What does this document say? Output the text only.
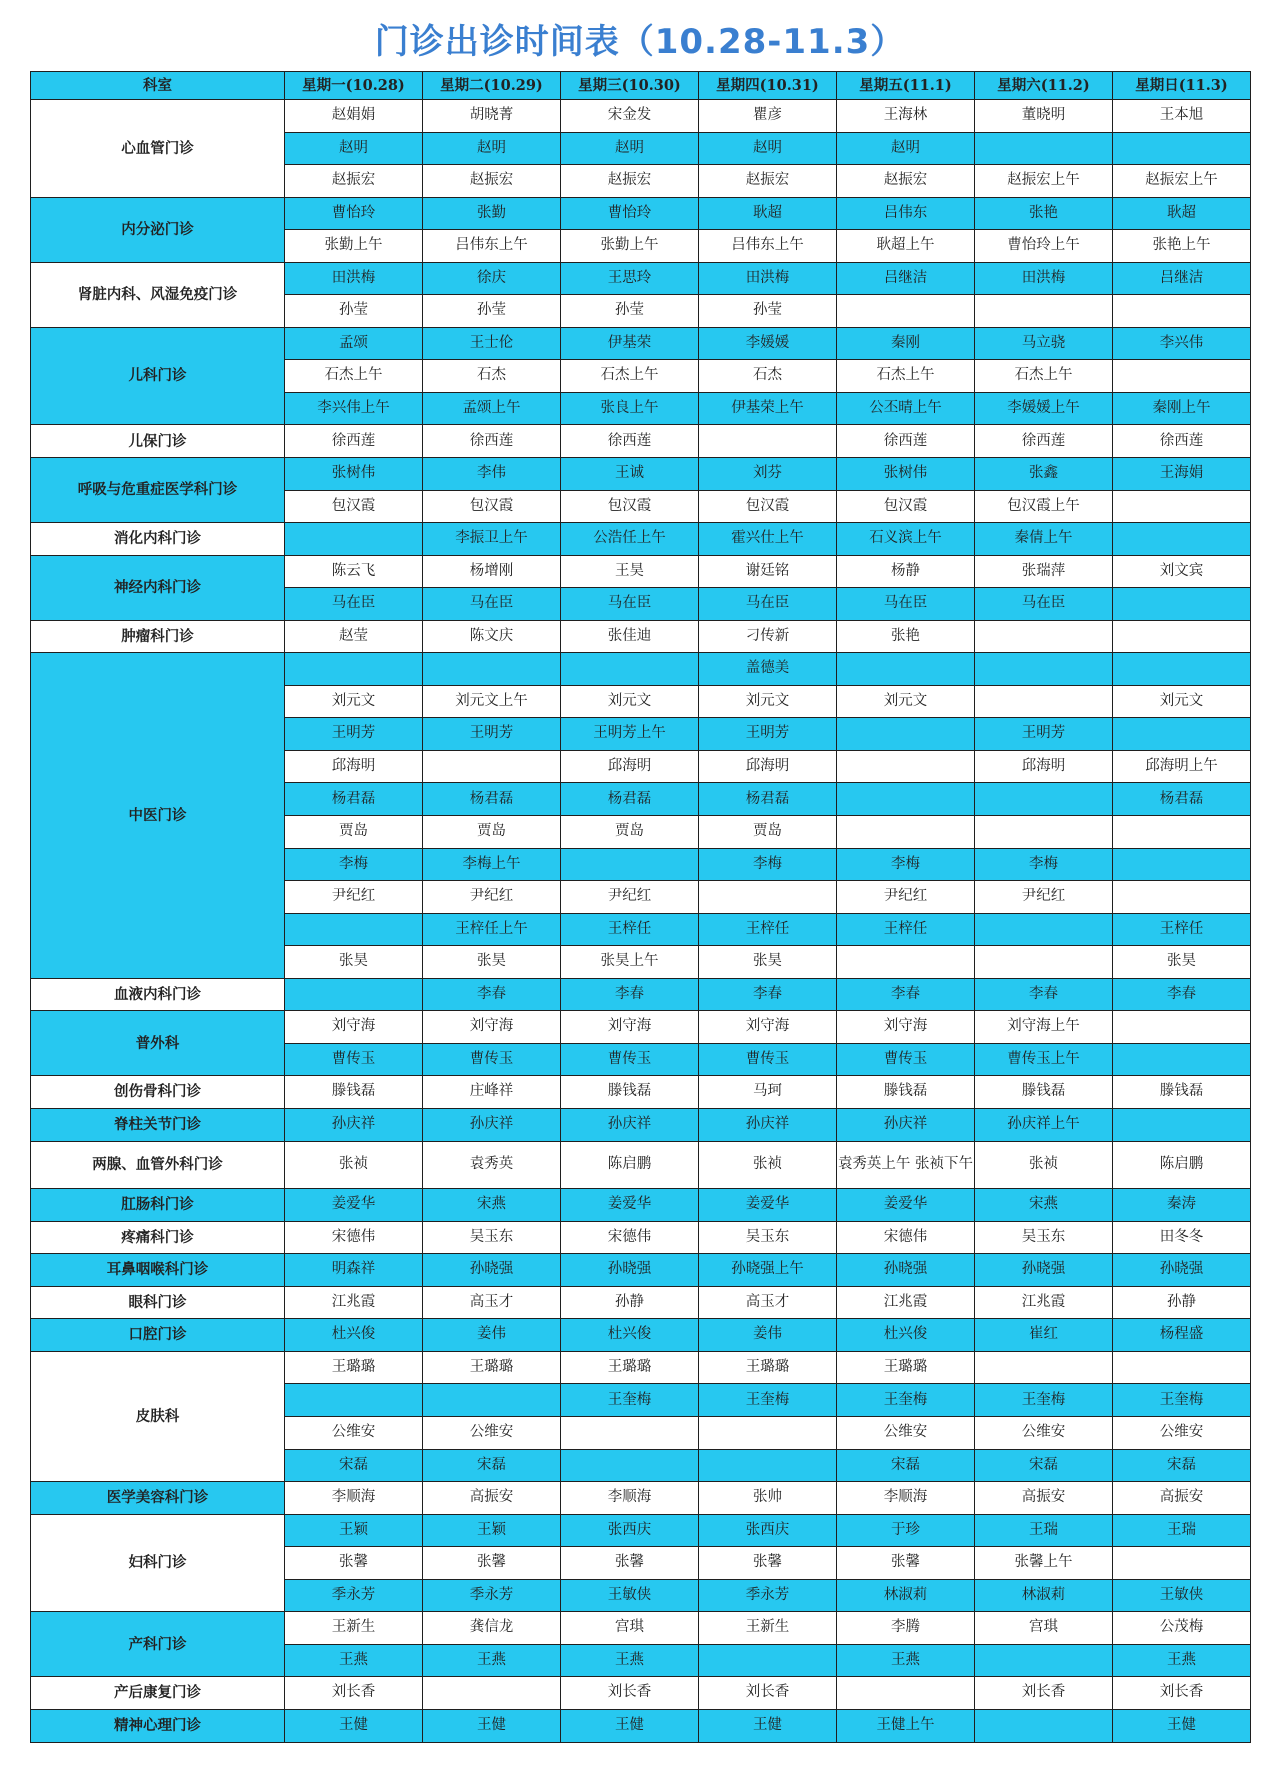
门诊出诊时间表（10.28-11.3）
科室	星期一(10.28)	星期二(10.29)	星期三(10.30)	星期四(10.31)	星期五(11.1)	星期六(11.2)	星期日(11.3)
心血管门诊	赵娟娟	胡晓菁	宋金发	瞿彦	王海林	董晓明	王本旭
	赵明	赵明	赵明	赵明	赵明		
	赵振宏	赵振宏	赵振宏	赵振宏	赵振宏	赵振宏上午	赵振宏上午
内分泌门诊	曹怡玲	张勤	曹怡玲	耿超	吕伟东	张艳	耿超
	张勤上午	吕伟东上午	张勤上午	吕伟东上午	耿超上午	曹怡玲上午	张艳上午
肾脏内科、风湿免疫门诊	田洪梅	徐庆	王思玲	田洪梅	吕继洁	田洪梅	吕继洁
	孙莹	孙莹	孙莹	孙莹			
儿科门诊	孟颂	王士伦	伊基荣	李媛媛	秦刚	马立骁	李兴伟
	石杰上午	石杰	石杰上午	石杰	石杰上午	石杰上午	
	李兴伟上午	孟颂上午	张良上午	伊基荣上午	公丕晴上午	李媛媛上午	秦刚上午
儿保门诊	徐西莲	徐西莲	徐西莲		徐西莲	徐西莲	徐西莲
呼吸与危重症医学科门诊	张树伟	李伟	王诚	刘芬	张树伟	张鑫	王海娟
	包汉霞	包汉霞	包汉霞	包汉霞	包汉霞	包汉霞上午	
消化内科门诊		李振卫上午	公浩任上午	霍兴仕上午	石义滨上午	秦倩上午	
神经内科门诊	陈云飞	杨增刚	王昊	谢廷铭	杨静	张瑞萍	刘文宾
	马在臣	马在臣	马在臣	马在臣	马在臣	马在臣	
肿瘤科门诊	赵莹	陈文庆	张佳迪	刁传新	张艳		
中医门诊				盖德美			
	刘元文	刘元文上午	刘元文	刘元文	刘元文		刘元文
	王明芳	王明芳	王明芳上午	王明芳		王明芳	
	邱海明		邱海明	邱海明		邱海明	邱海明上午
	杨君磊	杨君磊	杨君磊	杨君磊			杨君磊
	贾岛	贾岛	贾岛	贾岛			
	李梅	李梅上午		李梅	李梅	李梅	
	尹纪红	尹纪红	尹纪红		尹纪红	尹纪红	
		王梓任上午	王梓任	王梓任	王梓任		王梓任
	张昊	张昊	张昊上午	张昊			张昊
血液内科门诊		李春	李春	李春	李春	李春	李春
普外科	刘守海	刘守海	刘守海	刘守海	刘守海	刘守海上午	
	曹传玉	曹传玉	曹传玉	曹传玉	曹传玉	曹传玉上午	
创伤骨科门诊	滕钱磊	庄峰祥	滕钱磊	马珂	滕钱磊	滕钱磊	滕钱磊
脊柱关节门诊	孙庆祥	孙庆祥	孙庆祥	孙庆祥	孙庆祥	孙庆祥上午	
两腺、血管外科门诊	张祯	袁秀英	陈启鹏	张祯	袁秀英上午 张祯下午	张祯	陈启鹏
肛肠科门诊	姜爱华	宋燕	姜爱华	姜爱华	姜爱华	宋燕	秦涛
疼痛科门诊	宋德伟	吴玉东	宋德伟	吴玉东	宋德伟	吴玉东	田冬冬
耳鼻咽喉科门诊	明森祥	孙晓强	孙晓强	孙晓强上午	孙晓强	孙晓强	孙晓强
眼科门诊	江兆霞	高玉才	孙静	高玉才	江兆霞	江兆霞	孙静
口腔门诊	杜兴俊	姜伟	杜兴俊	姜伟	杜兴俊	崔红	杨程盛
皮肤科	王璐璐	王璐璐	王璐璐	王璐璐	王璐璐		
			王奎梅	王奎梅	王奎梅	王奎梅	王奎梅
	公维安	公维安			公维安	公维安	公维安
	宋磊	宋磊			宋磊	宋磊	宋磊
医学美容科门诊	李顺海	高振安	李顺海	张帅	李顺海	高振安	高振安
妇科门诊	王颖	王颖	张西庆	张西庆	于珍	王瑞	王瑞
	张馨	张馨	张馨	张馨	张馨	张馨上午	
	季永芳	季永芳	王敏侠	季永芳	林淑莉	林淑莉	王敏侠
产科门诊	王新生	龚信龙	宫琪	王新生	李腾	宫琪	公茂梅
	王燕	王燕	王燕		王燕		王燕
产后康复门诊	刘长香		刘长香	刘长香		刘长香	刘长香
精神心理门诊	王健	王健	王健	王健	王健上午		王健
